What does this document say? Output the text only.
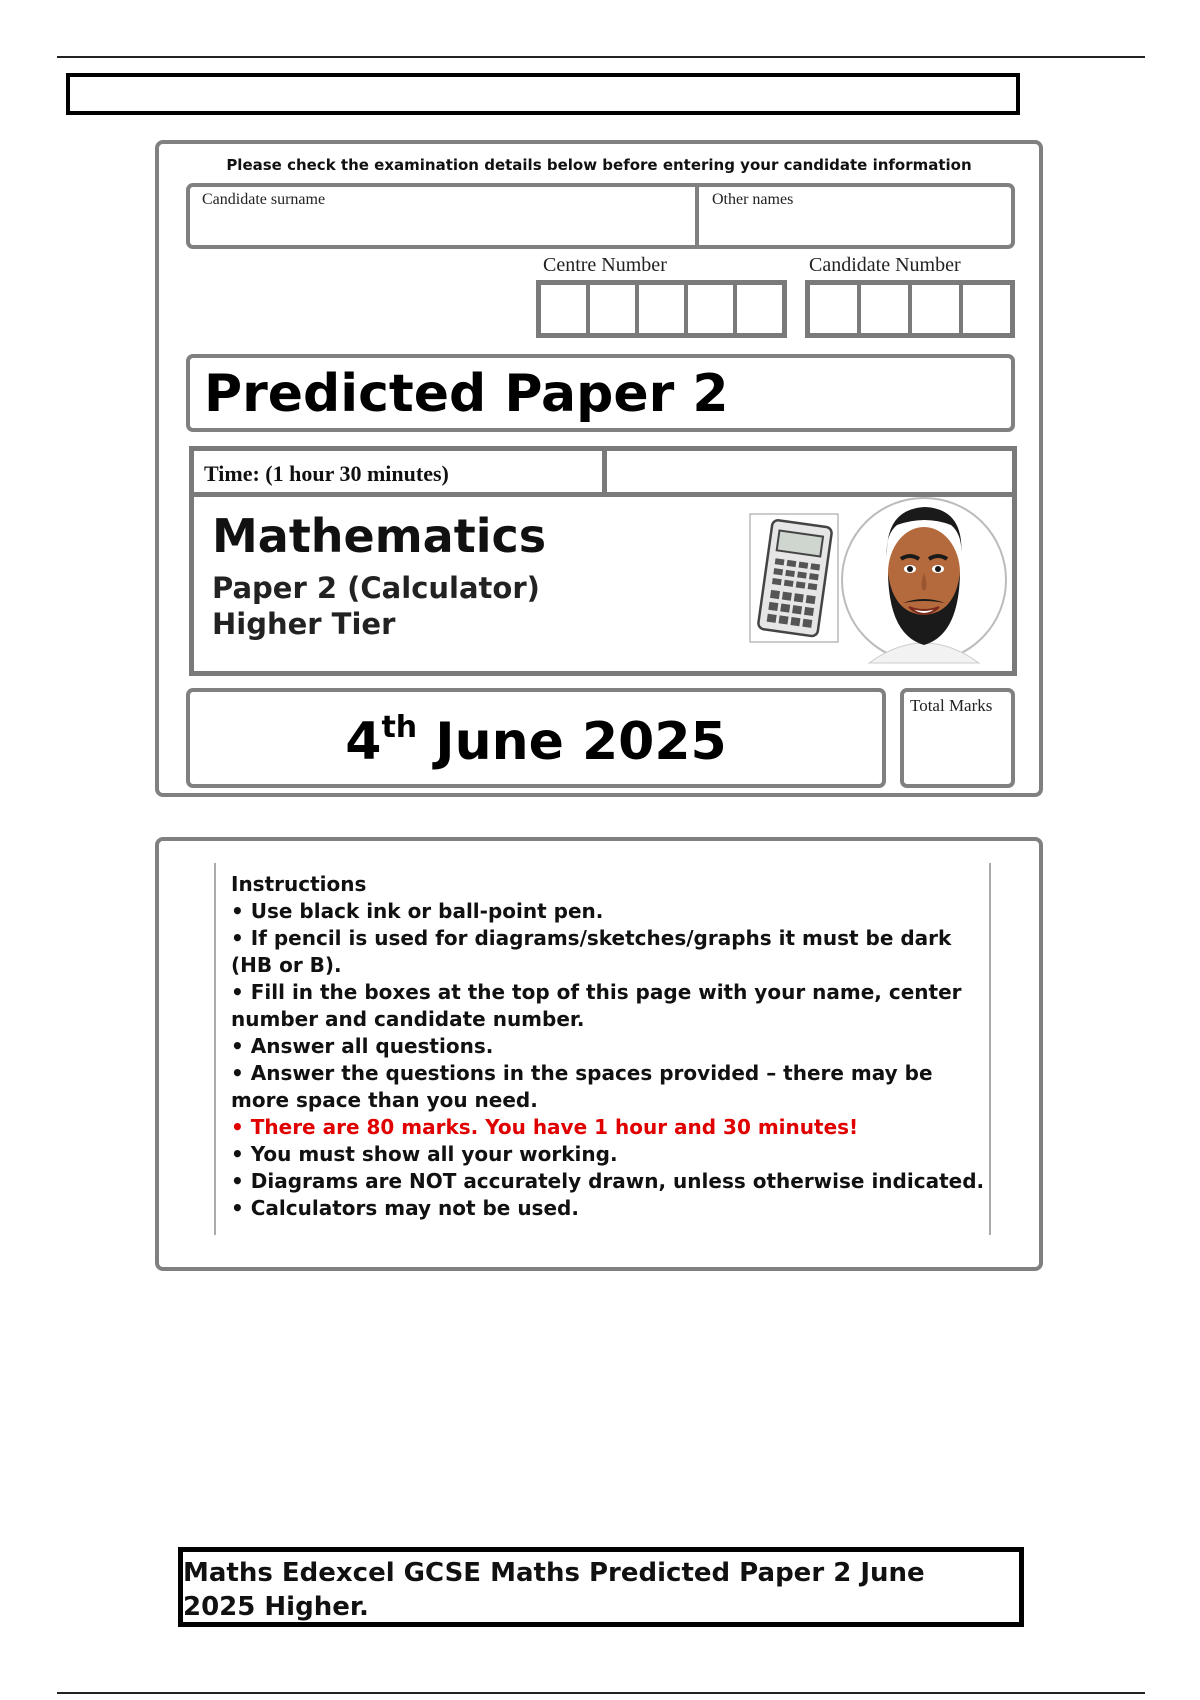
Please check the examination details below before entering your candidate information
Candidate surname	Other names
Centre Number	Candidate Number
Predicted Paper 2
Time: (1 hour 30 minutes)
Mathematics
Paper 2 (Calculator)
Higher Tier
4th June 2025
Total Marks
Instructions
• Use black ink or ball-point pen.
• If pencil is used for diagrams/sketches/graphs it must be dark (HB or B).
• Fill in the boxes at the top of this page with your name, center number and candidate number.
• Answer all questions.
• Answer the questions in the spaces provided – there may be more space than you need.
• There are 80 marks. You have 1 hour and 30 minutes!
• You must show all your working.
• Diagrams are NOT accurately drawn, unless otherwise indicated.
• Calculators may not be used.
Maths Edexcel GCSE Maths Predicted Paper 2 June 2025 Higher.
